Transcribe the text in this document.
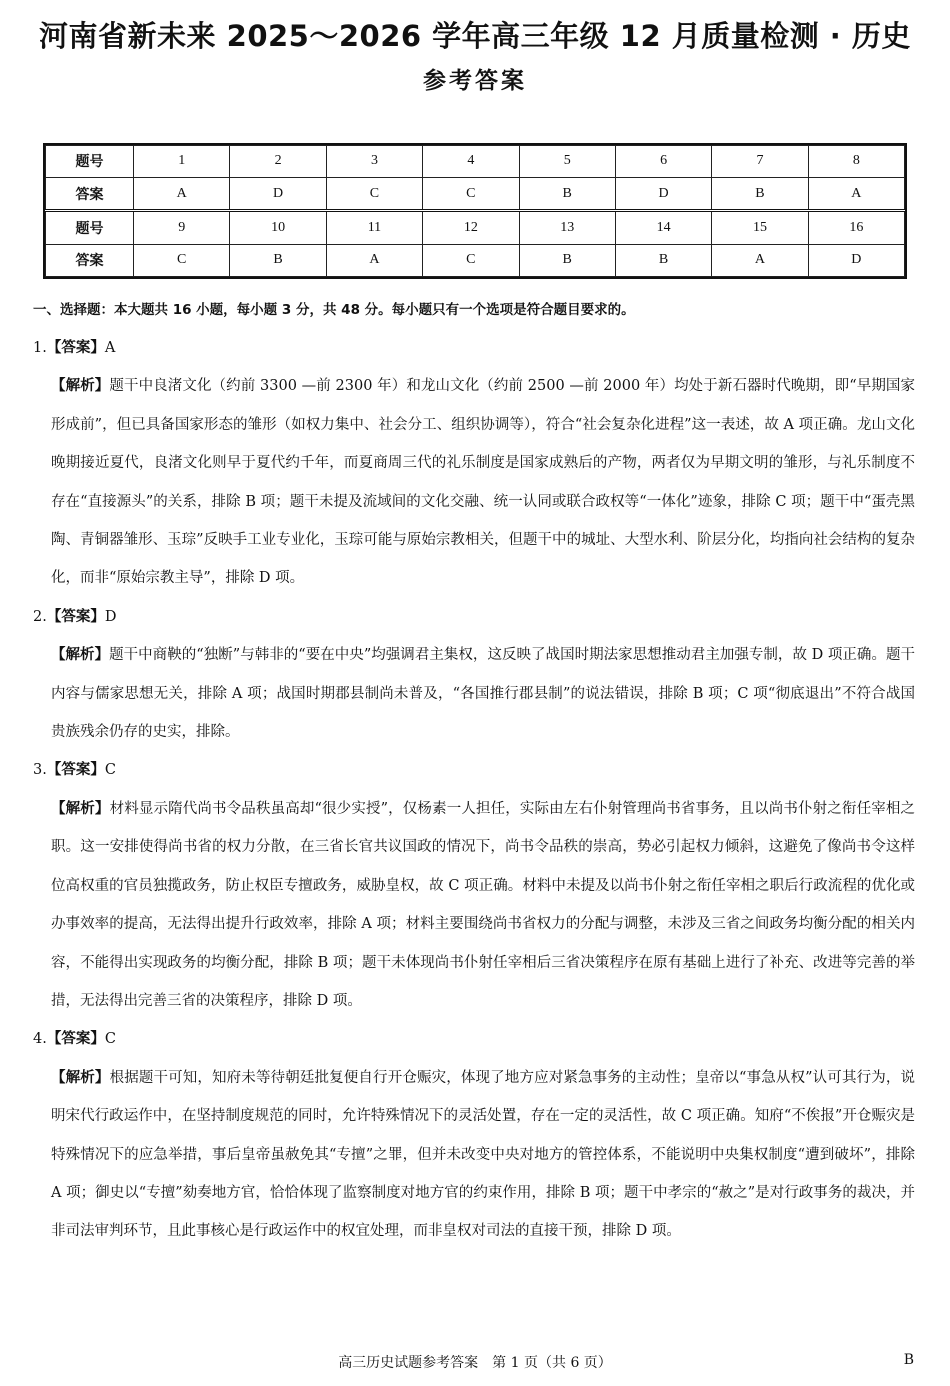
河南省新未来 2025～2026 学年高三年级 12 月质量检测 · 历史
参考答案
题号	1	2	3	4	5	6	7	8
答案	A	D	C	C	B	D	B	A
题号	9	10	11	12	13	14	15	16
答案	C	B	A	C	B	B	A	D

一、选择题：本大题共 16 小题，每小题 3 分，共 48 分。每小题只有一个选项是符合题目要求的。

1.【答案】A

【解析】题干中良渚文化（约前 3300 —前 2300 年）和龙山文化（约前 2500 —前 2000 年）均处于新石器时代晚期，即“早期国家形成前”，但已具备国家形态的雏形（如权力集中、社会分工、组织协调等），符合“社会复杂化进程”这一表述，故 A 项正确。龙山文化晚期接近夏代，良渚文化则早于夏代约千年，而夏商周三代的礼乐制度是国家成熟后的产物，两者仅为早期文明的雏形，与礼乐制度不存在“直接源头”的关系，排除 B 项；题干未提及流域间的文化交融、统一认同或联合政权等“一体化”迹象，排除 C 项；题干中“蛋壳黑陶、青铜器雏形、玉琮”反映手工业专业化，玉琮可能与原始宗教相关，但题干中的城址、大型水利、阶层分化，均指向社会结构的复杂化，而非“原始宗教主导”，排除 D 项。

2.【答案】D

【解析】题干中商鞅的“独断”与韩非的“要在中央”均强调君主集权，这反映了战国时期法家思想推动君主加强专制，故 D 项正确。题干内容与儒家思想无关，排除 A 项；战国时期郡县制尚未普及，“各国推行郡县制”的说法错误，排除 B 项；C 项“彻底退出”不符合战国贵族残余仍存的史实，排除。

3.【答案】C

【解析】材料显示隋代尚书令品秩虽高却“很少实授”，仅杨素一人担任，实际由左右仆射管理尚书省事务，且以尚书仆射之衔任宰相之职。这一安排使得尚书省的权力分散，在三省长官共议国政的情况下，尚书令品秩的崇高，势必引起权力倾斜，这避免了像尚书令这样位高权重的官员独揽政务，防止权臣专擅政务，威胁皇权，故 C 项正确。材料中未提及以尚书仆射之衔任宰相之职后行政流程的优化或办事效率的提高，无法得出提升行政效率，排除 A 项；材料主要围绕尚书省权力的分配与调整，未涉及三省之间政务均衡分配的相关内容，不能得出实现政务的均衡分配，排除 B 项；题干未体现尚书仆射任宰相后三省决策程序在原有基础上进行了补充、改进等完善的举措，无法得出完善三省的决策程序，排除 D 项。

4.【答案】C

【解析】根据题干可知，知府未等待朝廷批复便自行开仓赈灾，体现了地方应对紧急事务的主动性；皇帝以“事急从权”认可其行为，说明宋代行政运作中，在坚持制度规范的同时，允许特殊情况下的灵活处置，存在一定的灵活性，故 C 项正确。知府“不俟报”开仓赈灾是特殊情况下的应急举措，事后皇帝虽赦免其“专擅”之罪，但并未改变中央对地方的管控体系，不能说明中央集权制度“遭到破坏”，排除 A 项；御史以“专擅”劾奏地方官，恰恰体现了监察制度对地方官的约束作用，排除 B 项；题干中孝宗的“赦之”是对行政事务的裁决，并非司法审判环节，且此事核心是行政运作中的权宜处理，而非皇权对司法的直接干预，排除 D 项。

高三历史试题参考答案　第 1 页（共 6 页）	B
